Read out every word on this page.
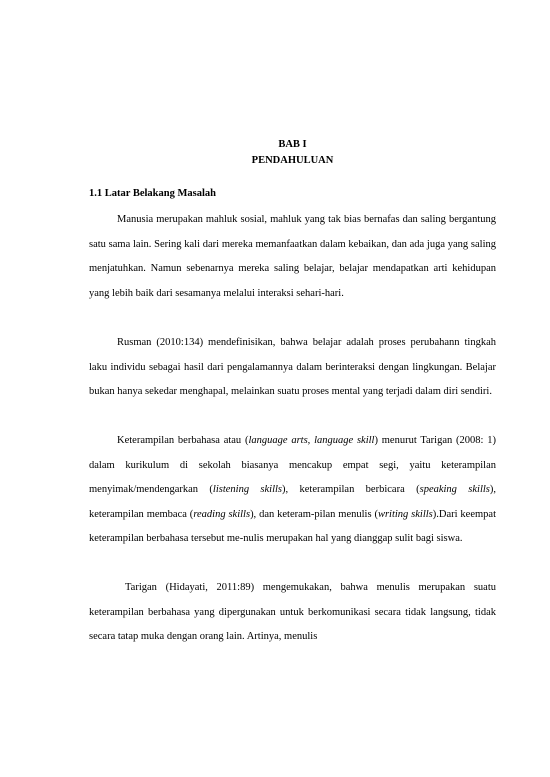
BAB I

PENDAHULUAN

1.1 Latar Belakang Masalah

Manusia merupakan mahluk sosial, mahluk yang tak bias bernafas dan saling bergantung satu sama lain. Sering kali dari mereka memanfaatkan dalam kebaikan, dan ada juga yang saling menjatuhkan. Namun sebenarnya mereka saling belajar, belajar mendapatkan arti kehidupan yang lebih baik dari sesamanya melalui interaksi sehari-hari.

Rusman (2010:134) mendefinisikan, bahwa belajar adalah proses perubahann tingkah laku individu sebagai hasil dari pengalamannya dalam berinteraksi dengan lingkungan. Belajar bukan hanya sekedar menghapal, melainkan suatu proses mental yang terjadi dalam diri sendiri.

Keterampilan berbahasa atau (language arts, language skill) menurut Tarigan (2008: 1) dalam kurikulum di sekolah biasanya mencakup empat segi, yaitu keterampilan menyimak/mendengarkan (listening skills), keterampilan berbicara (speaking skills), keterampilan membaca (reading skills), dan keteram-pilan menulis (writing skills).Dari keempat keterampilan berbahasa tersebut me-nulis merupakan hal yang dianggap sulit bagi siswa.

Tarigan (Hidayati, 2011:89) mengemukakan, bahwa menulis merupakan suatu keterampilan berbahasa yang dipergunakan untuk berkomunikasi secara tidak langsung, tidak secara tatap muka dengan orang lain. Artinya, menulis
